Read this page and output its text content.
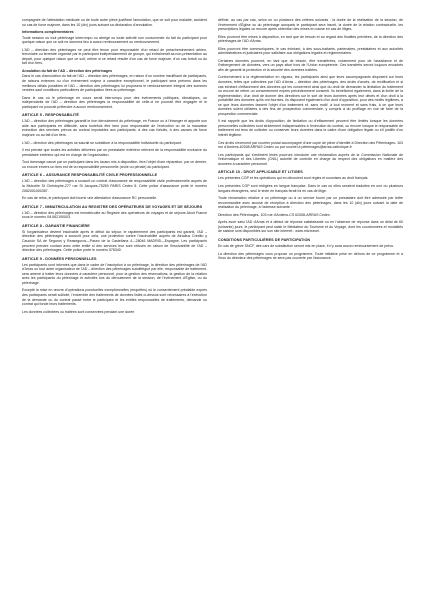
compagnée de l'attestation médicale ou de toute autre pièce justifiant l'annulation, que ce soit pour maladie, accident ou cas de force majeure, dans les 10 (dix) jours suivant sa déclaration d'annulation.

Informations complémentaires

Toute session ou tout pèlerinage interrompu ou abrégé ou toute activité non consommée du fait du participant pour quelque raison que ce soit ne donnera lieu à aucun remboursement ou remboursement.

L'AD – direction des pèlerinages ne peut être tenue pour responsable d'un retard de préacheminement aérien, ferroviaire ou terrestre organisé par le participant indépendamment de groupe, qui entraînerait sa non-présentation au départ, pour quelque raison que ce soit, même si ce retard résulte d'un cas de force majeure, d'un cas fortuit ou du fait d'un tiers.

Annulation du fait de l'AD – direction des pèlerinages

Dans le cas d'annulation du fait de l'AD – direction des pèlerinages, en raison d'un nombre insuffisant de participants, de raisons externes ou d'un événement majeur à caractère exceptionnel, le participant sera prévenu dans les meilleurs délais possibles et l'AD – direction des pèlerinages lui proposera le remboursement intégral des sommes versées sauf conditions particulières de participation liées au pèlerinage.

Dans le cas où le pèlerinage en cours serait interrompu pour des événements politiques, climatiques, ou indépendants de l'AD – direction des pèlerinages la responsabilité de celle-ci ne pourrait être engagée et le participant ne pourrait prétendre à aucun remboursement.

ARTICLE 5 - RESPONSABILITÉ

L'AD – direction des pèlerinages garantit le bon déroulement du pèlerinage, en France ou à l'étranger et apporte son aide aux participants en difficulté, sans toutefois être tenu pour responsable de l'exécution ou de la mauvaise exécution des services prévus au contrat imputables aux participants, à des cas fortuits, à des causes de force majeure ou au fait d'un tiers.

L'AD – direction des pèlerinages se saurait se substituer à la responsabilité individuelle du participant.

Il est précisé que toutes les activités délivrées par un prestataire extérieur relèvent de la responsabilité exclusive du prestataire extérieur qui est en charge de l'organisation.

Tout dommage causé par un participant dans les locaux mis à disposition, fera l'objet d'une réparation, par ce dernier, ou encore envers un tiers est de la responsabilité personnelle (civile ou pénale) du participant.

ARTICLE 6 – ASSURANCE RESPONSABILITÉ CIVILE PROFESSIONNELLE

L'AD – direction des pèlerinages a souscrit un contrat d'assurance de responsabilité civile professionnelle auprès de la Mutuelle St Christophe-277 rue St Jacques-75259 PARIS Cedex 5. Cette police d'assurance porte le numéro 2082001000387.

En cas de refus, le participant doit fournir une attestation d'assurance RC personnelle.

ARTICLE 7 - IMMATRICULATION AU REGISTRE DES OPÉRATEURS DE VOYAGES ET DE SÉJOURS

L'AD – direction des pèlerinages est immatriculée au Registre des opérateurs de voyages et de séjours Atout France sous le numéro IM.062190003.

ARTICLE 8 - GARANTIE FINANCIÈRE

Si l'organisateur devient insolvable après le début du séjour, le rapatriement des participants est garanti, l'AD – direction des pèlerinages a souscrit pour cela, une protection contre l'insolvabilité auprès de Atradius Crédito y Caución SA de Seguros y Reaseguros—Paseo de la Castellana 4—28046 MADRID—Espagne. Les participants peuvent prendre contact avec cette entité si des services leur sont refusés en raison de l'insolvabilité de l'AD – direction des pèlerinages. Cette police porte le numéro 578340.

ARTICLE 9 - DONNÉES PERSONNELLES

Les participants sont informés que dans le cadre de l'inscription à un pèlerinage, la direction des pèlerinages de l'AD d'Arras ou tout autre organisateur de l'AD – direction des pèlerinages subdélégué par elle, responsable de traitement, sera amené à traiter leurs données à caractère personnel, pour la gestion des réservations, la gestion de la relation avec les participants du pèlerinage et activités lors du déroulement de la session, de l'évènement d'Église, ou du pèlerinage.

Excepté la mise en œuvre d'opérations ponctuelles exceptionnelles (enquêtes) où le consentement préalable exprès des participants serait sollicité, l'ensemble des traitements de données listés ci-dessus sont nécessaires à l'exécution de la demande ou du contrat passé entre le participant et les entités responsables de traitements, demande ou contrat qui fonde leurs traitements.

Les données collectées ou traitées sont conservées pendant une durée

définie, au cas par cas, selon un ou plusieurs des critères suivants : la durée de la réalisation de la session, de l'évènement d'Église ou du pèlerinage auxquels le participant sera inscrit, la durée de la relation contractuelle, les prescriptions légales ou encore après obtention des mises en cause en cas de litiges.

Elles pourront être mises à disposition, en tant que de besoin et au regard des finalités précitées, de la direction des pèlerinages de l'AD d'Arras.

Elles pourront être communiquées, le cas échéant, à des sous-traitants, partenaires, prestataires et aux autorités administratives et judiciaires pour satisfaire aux obligations légales et réglementaires.

Certaines données pourront, en tant que de besoin, être transférées, notamment pour de l'assistance et de l'hébergement de données, vers un pays situé hors de l'Union européenne. Ces transferts seront toujours encadrés afin de garantir la protection et la sécurité des données traitées.

Conformément à la réglementation en vigueur, les participants ainsi que leurs accompagnants disposent sur leurs données, telles que collectées par l'AD d'Arras – direction des pèlerinages, des droits d'accès, de rectification et si cas échéant d'effacement des données qui les concernent ainsi que du droit de demander la limitation du traitement ou encore de retirer un consentement exprès précédemment consenti. Ils bénéficient également, dans la limite de la réglementation, d'un droit de donner des directives sur le sort de leurs données après leur décès et d'un droit à la portabilité des données qu'ils ont fournies. Ils disposent également d'un droit d'opposition, pour des motifs légitimes, à ce que leurs données fassent l'objet d'un traitement et, sans motif, à tout moment et sans frais, à ce que leurs données soient utilisées à des fins de prospection commerciale, y compris à du profilage en vue de faire de la prospection commerciale.

Il est rappelé que les droits d'opposition, de limitation ou d'effacement peuvent être limités lorsque les données personnelles collectées sont strictement indispensables à l'exécution du contrat, ou encore lorsque le responsable de traitement est tenu de collecter ou conserver leurs données dans le cadre d'une obligation légale ou s'il justifie d'un intérêt légitime.

Ces droits s'exercent par courrier postal accompagné d'une copie de pièce d'identité à Direction des Pèlerinages- 103 rue d'Amiens-62008 ARRAS Cedex ou par courriel à pelerinages@arras.catholique.fr

Les participants qui s'estiment lésés pourront introduire une réclamation auprès de la Commission Nationale de l'Informatique et des Libertés (CNIL) autorité de contrôle en charge du respect des obligations en matière des données à caractère personnel.

ARTICLE 10 - DROIT APPLICABLE ET LITIGES

Les présentes CGP et les opérations qui en découlent sont régies et soumises au droit français.

Les présentes CGP sont rédigées en langue française. Dans le cas où elles seraient traduites en une ou plusieurs langues étrangères, seul le texte en français ferait foi en cas de litige.

Toute réclamation relative à un pèlerinage ou à un service fourni par un prestataire doit être adressée par lettre recommandée avec accusé de réception à direction des pèlerinages, dans les 10 (dix) jours suivant la date de réalisation du pèlerinage, à l'adresse suivante :

Direction des Pèlerinages- 103 rue d'Amiens-CS 62008-ARRAS Cedex.

Après avoir saisi l'AD d'Arras et à défaut de réponse satisfaisante ou en l'absence de réponse dans un délai de 60 (soixante) jours, le participant peut saisir le Médiateur du Tourisme et du Voyage, dont les coordonnées et modalités de saisine sont disponibles sur son site internet : www.mtv.travel.

CONDITIONS PARTICULIÈRES DE PARTICIPATION

En cas de grève SNCF, des cars de substitution seront mis en place, il n'y aura aucun remboursement de prévu.

La direction des pèlerinages vous propose un programme. Toute initiative prise en dehors de ce programme et à l'insu du directeur des pèlerinages ne sera pas couverte par l'assurance.
